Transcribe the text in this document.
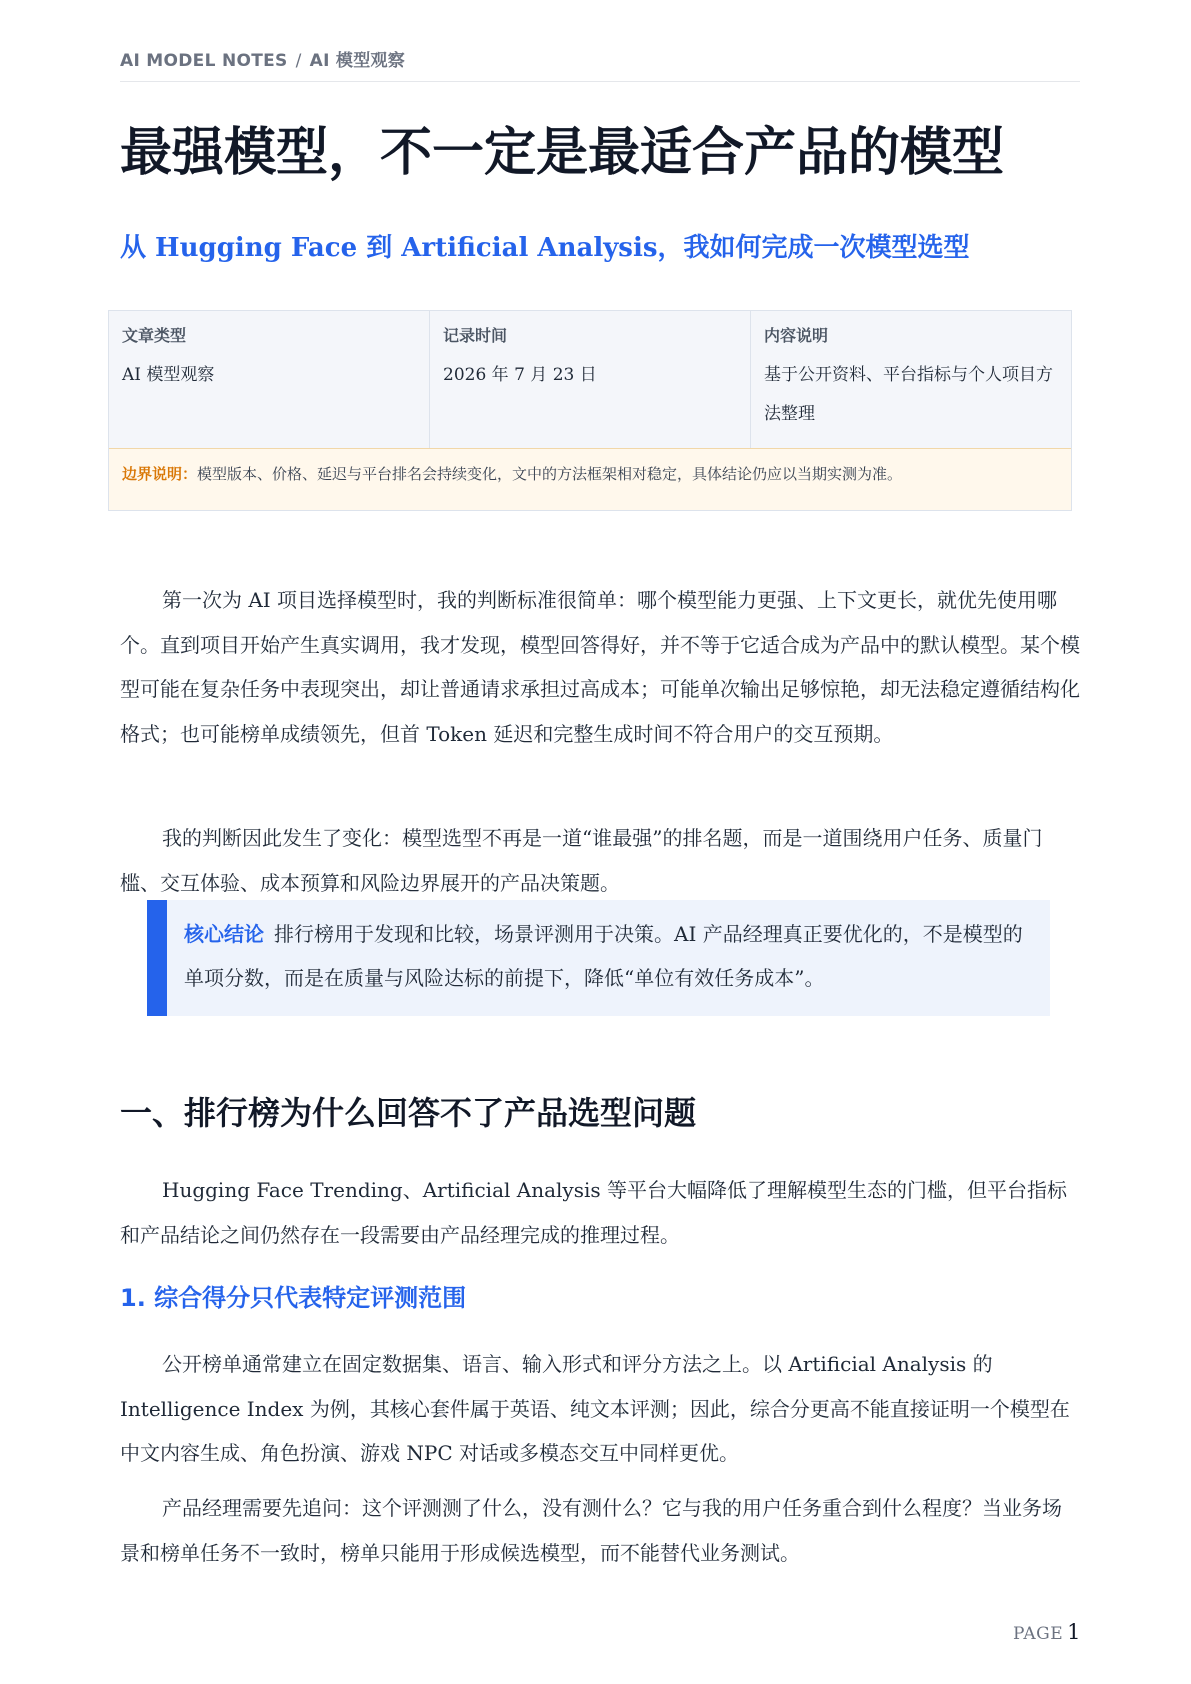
AI MODEL NOTES / AI 模型观察
最强模型，不一定是最适合产品的模型
从 Hugging Face 到 Artificial Analysis，我如何完成一次模型选型
文章类型
AI 模型观察
记录时间
2026 年 7 月 23 日
内容说明
基于公开资料、平台指标与个人项目方法整理
边界说明：模型版本、价格、延迟与平台排名会持续变化，文中的方法框架相对稳定，具体结论仍应以当期实测为准。

第一次为 AI 项目选择模型时，我的判断标准很简单：哪个模型能力更强、上下文更长，就优先使用哪个。直到项目开始产生真实调用，我才发现，模型回答得好，并不等于它适合成为产品中的默认模型。某个模型可能在复杂任务中表现突出，却让普通请求承担过高成本；可能单次输出足够惊艳，却无法稳定遵循结构化格式；也可能榜单成绩领先，但首 Token 延迟和完整生成时间不符合用户的交互预期。

我的判断因此发生了变化：模型选型不再是一道“谁最强”的排名题，而是一道围绕用户任务、质量门槛、交互体验、成本预算和风险边界展开的产品决策题。

核心结论 排行榜用于发现和比较，场景评测用于决策。AI 产品经理真正要优化的，不是模型的单项分数，而是在质量与风险达标的前提下，降低“单位有效任务成本”。
一、排行榜为什么回答不了产品选型问题

Hugging Face Trending、Artificial Analysis 等平台大幅降低了理解模型生态的门槛，但平台指标和产品结论之间仍然存在一段需要由产品经理完成的推理过程。

1. 综合得分只代表特定评测范围

公开榜单通常建立在固定数据集、语言、输入形式和评分方法之上。以 Artificial Analysis 的 Intelligence Index 为例，其核心套件属于英语、纯文本评测；因此，综合分更高不能直接证明一个模型在中文内容生成、角色扮演、游戏 NPC 对话或多模态交互中同样更优。

产品经理需要先追问：这个评测测了什么，没有测什么？它与我的用户任务重合到什么程度？当业务场景和榜单任务不一致时，榜单只能用于形成候选模型，而不能替代业务测试。

PAGE 1
